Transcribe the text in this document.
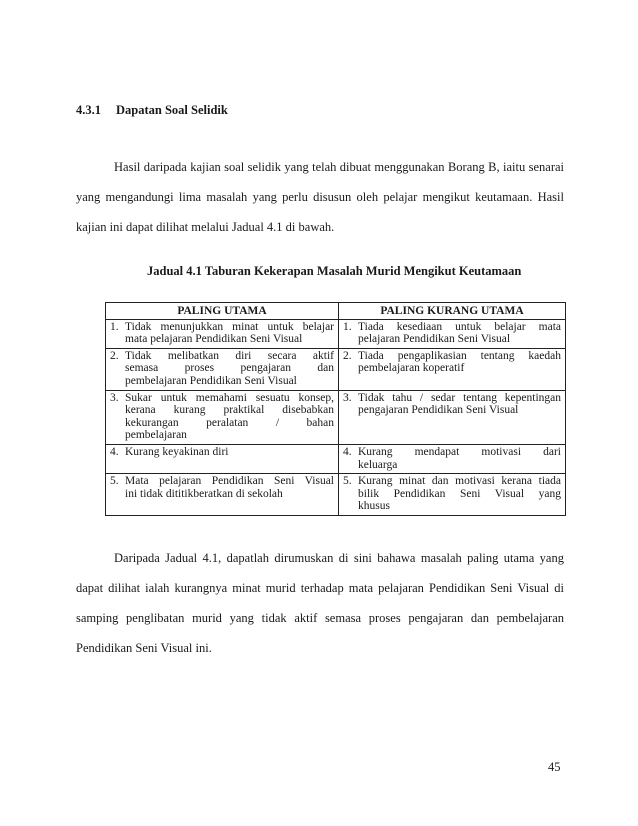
4.3.1 Dapatan Soal Selidik
Hasil daripada kajian soal selidik yang telah dibuat menggunakan Borang B, iaitu senarai
yang mengandungi lima masalah yang perlu disusun oleh pelajar mengikut keutamaan. Hasil
kajian ini dapat dilihat melalui Jadual 4.1 di bawah.
Jadual 4.1 Taburan Kekerapan Masalah Murid Mengikut Keutamaan
PALING UTAMA	PALING KURANG UTAMA

1. Tidak menunjukkan minat untuk belajar
mata pelajaran Pendidikan Seni Visual	1. Tiada kesediaan untuk belajar mata
pelajaran Pendidikan Seni Visual

2. Tidak melibatkan diri secara aktif
semasa proses pengajaran dan
pembelajaran Pendidikan Seni Visual	2. Tiada pengaplikasian tentang kaedah
pembelajaran koperatif

3. Sukar untuk memahami sesuatu konsep,
kerana kurang praktikal disebabkan
kekurangan peralatan / bahan
pembelajaran	3. Tidak tahu / sedar tentang kepentingan
pengajaran Pendidikan Seni Visual

4. Kurang keyakinan diri	4. Kurang mendapat motivasi dari
keluarga

5. Mata pelajaran Pendidikan Seni Visual
ini tidak dititikberatkan di sekolah	5. Kurang minat dan motivasi kerana tiada
bilik Pendidikan Seni Visual yang
khusus
Daripada Jadual 4.1, dapatlah dirumuskan di sini bahawa masalah paling utama yang
dapat dilihat ialah kurangnya minat murid terhadap mata pelajaran Pendidikan Seni Visual di
samping penglibatan murid yang tidak aktif semasa proses pengajaran dan pembelajaran
Pendidikan Seni Visual ini.
45
